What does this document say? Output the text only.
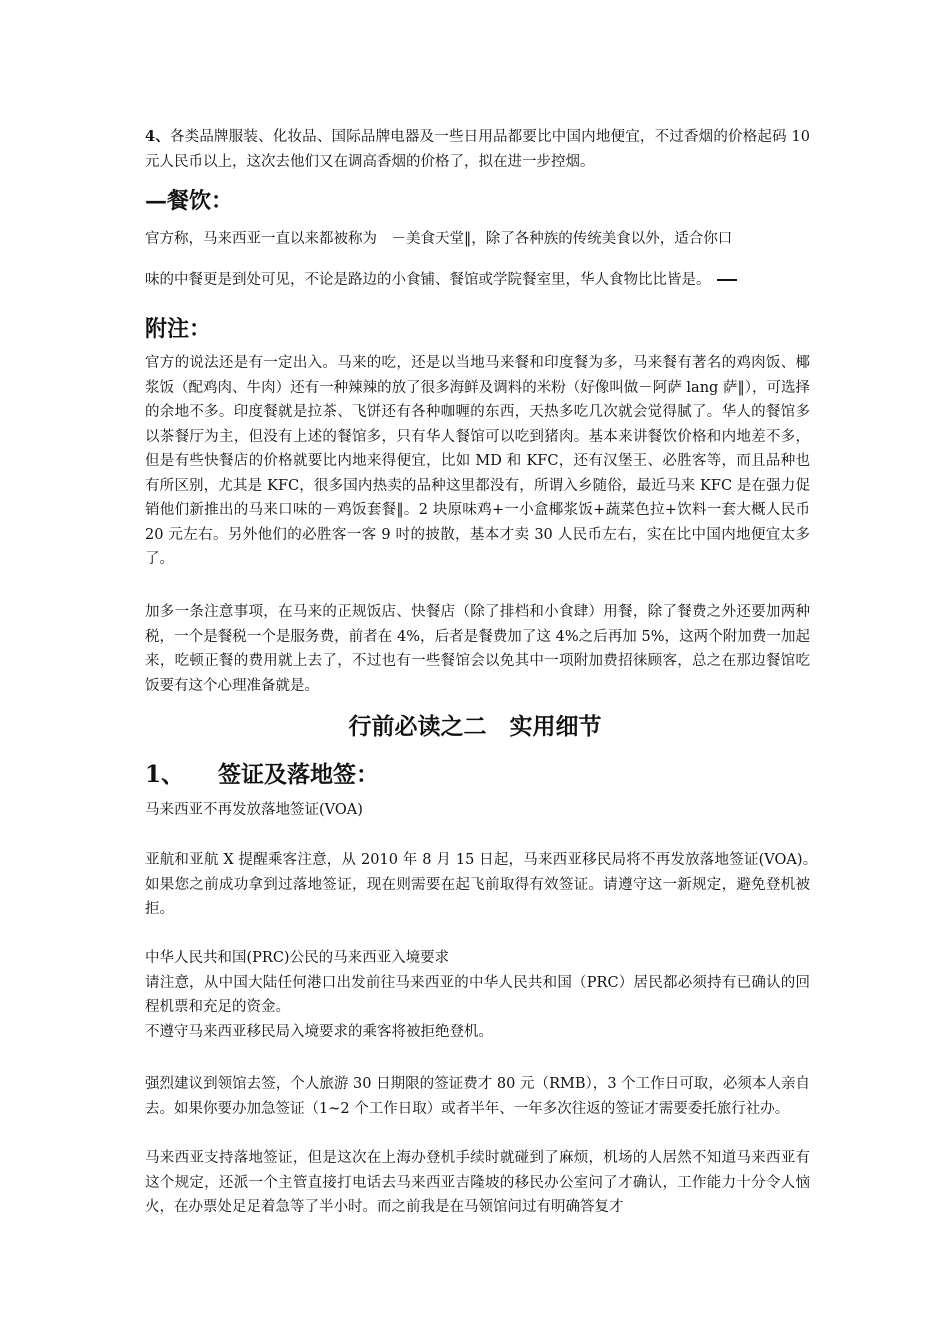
4、各类品牌服装、化妆品、国际品牌电器及一些日用品都要比中国内地便宜，不过香烟的价格起码 10 元人民币以上，这次去他们又在调高香烟的价格了，拟在进一步控烟。

—餐饮：

官方称，马来西亚一直以来都被称为　－美食天堂‖，除了各种族的传统美食以外，适合你口

味的中餐更是到处可见，不论是路边的小食铺、餐馆或学院餐室里，华人食物比比皆是。

附注：
官方的说法还是有一定出入。马来的吃，还是以当地马来餐和印度餐为多，马来餐有著名的鸡肉饭、椰浆饭（配鸡肉、牛肉）还有一种辣辣的放了很多海鲜及调料的米粉（好像叫做－阿萨 lang 萨‖），可选择的余地不多。印度餐就是拉茶、飞饼还有各种咖喱的东西，天热多吃几次就会觉得腻了。华人的餐馆多以茶餐厅为主，但没有上述的餐馆多，只有华人餐馆可以吃到猪肉。基本来讲餐饮价格和内地差不多，但是有些快餐店的价格就要比内地来得便宜，比如 MD 和 KFC，还有汉堡王、必胜客等，而且品种也有所区别，尤其是 KFC，很多国内热卖的品种这里都没有，所谓入乡随俗，最近马来 KFC 是在强力促销他们新推出的马来口味的－鸡饭套餐‖。2 块原味鸡+一小盒椰浆饭+蔬菜色拉+饮料一套大概人民币 20 元左右。另外他们的必胜客一客 9 吋的披散，基本才卖 30 人民币左右，实在比中国内地便宜太多了。
加多一条注意事项，在马来的正规饭店、快餐店（除了排档和小食肆）用餐，除了餐费之外还要加两种税，一个是餐税一个是服务费，前者在 4%，后者是餐费加了这 4%之后再加 5%，这两个附加费一加起来，吃顿正餐的费用就上去了，不过也有一些餐馆会以免其中一项附加费招徕顾客，总之在那边餐馆吃饭要有这个心理准备就是。
行前必读之二　实用细节
1、 签证及落地签：
马来西亚不再发放落地签证(VOA)
亚航和亚航 X 提醒乘客注意，从 2010 年 8 月 15 日起，马来西亚移民局将不再发放落地签证(VOA)。　如果您之前成功拿到过落地签证，现在则需要在起飞前取得有效签证。请遵守这一新规定，避免登机被拒。

中华人民共和国(PRC)公民的马来西亚入境要求

请注意，从中国大陆任何港口出发前往马来西亚的中华人民共和国（PRC）居民都必须持有已确认的回程机票和充足的资金。

不遵守马来西亚移民局入境要求的乘客将被拒绝登机。

强烈建议到领馆去签，个人旅游 30 日期限的签证费才 80 元（RMB），3 个工作日可取，必须本人亲自去。如果你要办加急签证（1~2 个工作日取）或者半年、一年多次往返的签证才需要委托旅行社办。
马来西亚支持落地签证，但是这次在上海办登机手续时就碰到了麻烦，机场的人居然不知道马来西亚有这个规定，还派一个主管直接打电话去马来西亚吉隆坡的移民办公室问了才确认，工作能力十分令人恼火，在办票处足足着急等了半小时。而之前我是在马领馆问过有明确答复才
